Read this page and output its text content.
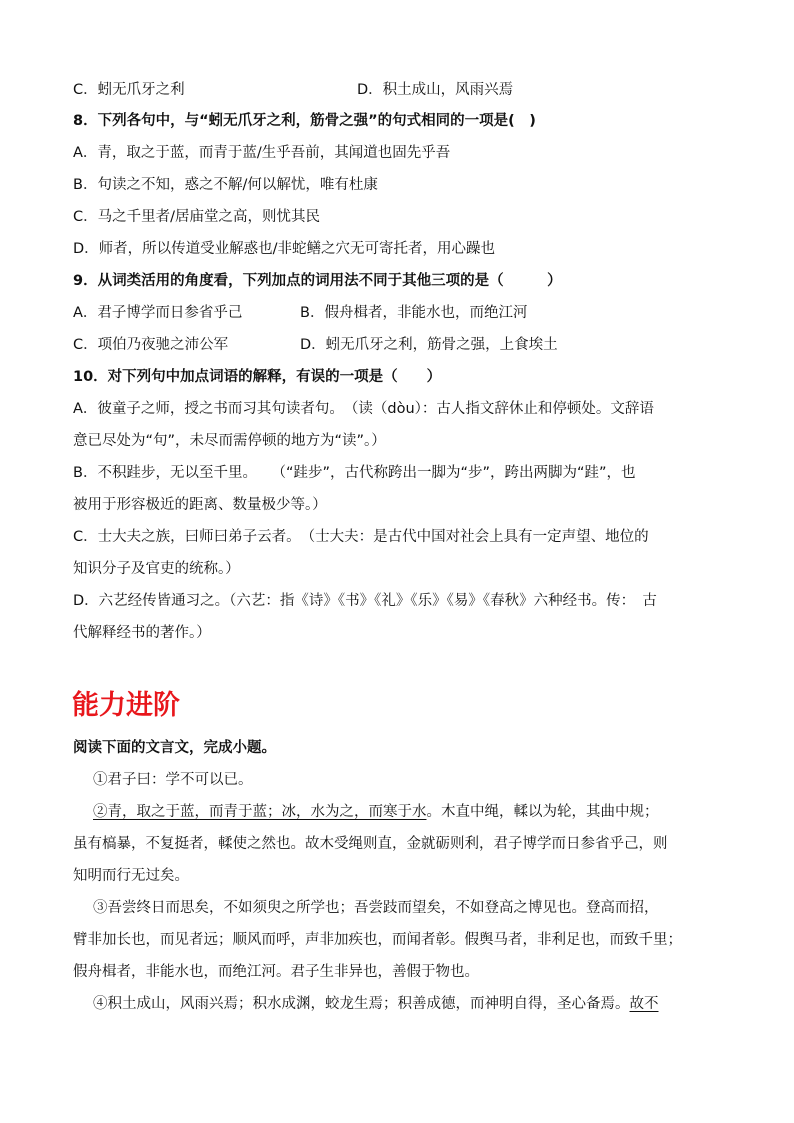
C．蚓无爪牙之利	D．积土成山，风雨兴焉
8．下列各句中，与“蚓无爪牙之利，筋骨之强”的句式相同的一项是(　)
A．青，取之于蓝，而青于蓝/生乎吾前，其闻道也固先乎吾
B．句读之不知，惑之不解/何以解忧，唯有杜康
C．马之千里者/居庙堂之高，则忧其民
D．师者，所以传道受业解惑也/非蛇鳝之穴无可寄托者，用心躁也
9．从词类活用的角度看，下列加点的词用法不同于其他三项的是（　　　）
A．君子博学而日参省乎己	B．假舟楫者，非能水也，而绝江河
C．项伯乃夜驰之沛公军	D．蚓无爪牙之利，筋骨之强，上食埃土
10．对下列句中加点词语的解释，有误的一项是（　　）
A．彼童子之师，授之书而习其句读者句。　（读（dòu）：古人指文辞休止和停顿处。文辞语
意已尽处为“句”，未尽而需停顿的地方为“读”。）
B．不积跬步，无以至千里。　　（“跬步”，古代称跨出一脚为“步”，跨出两脚为“跬”，也
被用于形容极近的距离、数量极少等。）
C．士大夫之族，曰师曰弟子云者。　（士大夫：是古代中国对社会上具有一定声望、地位的
知识分子及官吏的统称。）
D．六艺经传皆通习之。（六艺：指《诗》《书》《礼》《乐》《易》《春秋》六种经书。传：　古
代解释经书的著作。）
能力进阶
阅读下面的文言文，完成小题。
①君子曰：学不可以已。
②青，取之于蓝，而青于蓝；冰，水为之，而寒于水。木直中绳，輮以为轮，其曲中规；
虽有槁暴，不复挺者，輮使之然也。故木受绳则直，金就砺则利，君子博学而日参省乎己，则
知明而行无过矣。
③吾尝终日而思矣，不如须臾之所学也；吾尝跂而望矣，不如登高之博见也。登高而招，
臂非加长也，而见者远；顺风而呼，声非加疾也，而闻者彰。假舆马者，非利足也，而致千里；
假舟楫者，非能水也，而绝江河。君子生非异也，善假于物也。
④积土成山，风雨兴焉；积水成渊，蛟龙生焉；积善成德，而神明自得，圣心备焉。故不
